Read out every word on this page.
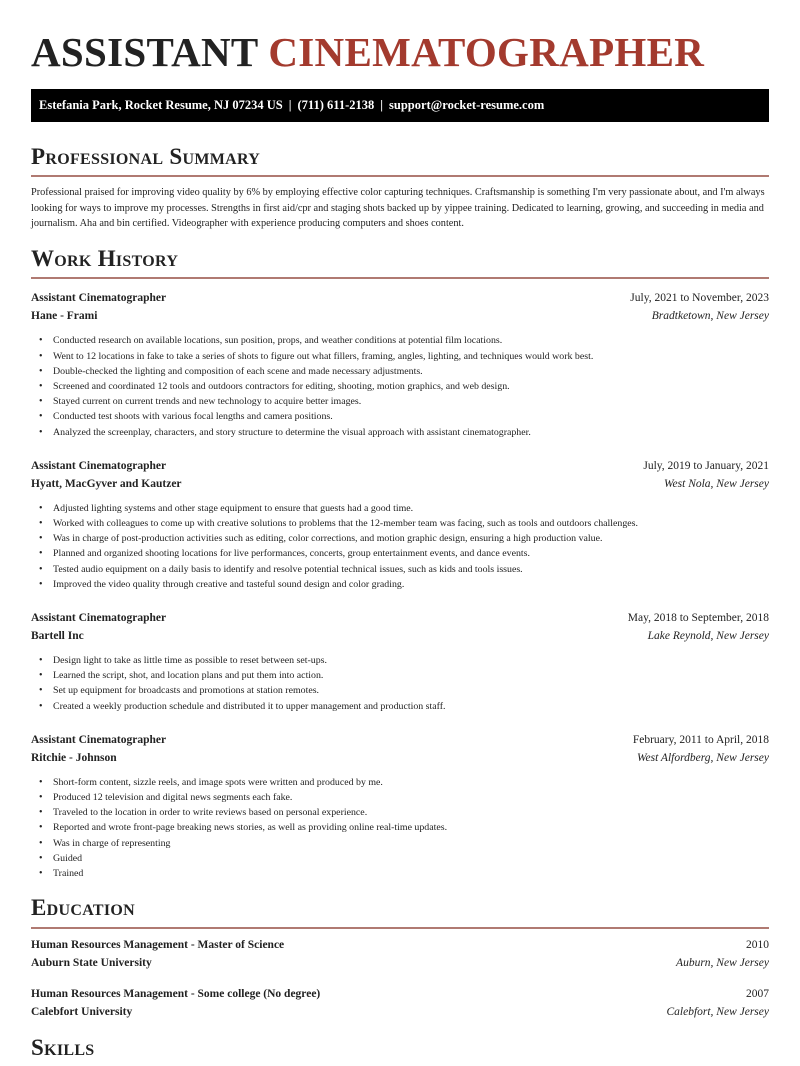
ASSISTANT CINEMATOGRAPHER
Estefania Park, Rocket Resume, NJ 07234 US | (711) 611-2138 | support@rocket-resume.com
Professional Summary

Professional praised for improving video quality by 6% by employing effective color capturing techniques. Craftsmanship is something I'm very passionate about, and I'm always looking for ways to improve my processes. Strengths in first aid/cpr and staging shots backed up by yippee training. Dedicated to learning, growing, and succeeding in media and journalism. Aha and bin certified. Videographer with experience producing computers and shoes content.

Work History
Assistant Cinematographer	July, 2021 to November, 2023
Hane - Frami	Bradtketown, New Jersey
• Conducted research on available locations, sun position, props, and weather conditions at potential film locations.
• Went to 12 locations in fake to take a series of shots to figure out what fillers, framing, angles, lighting, and techniques would work best.
• Double-checked the lighting and composition of each scene and made necessary adjustments.
• Screened and coordinated 12 tools and outdoors contractors for editing, shooting, motion graphics, and web design.
• Stayed current on current trends and new technology to acquire better images.
• Conducted test shoots with various focal lengths and camera positions.
• Analyzed the screenplay, characters, and story structure to determine the visual approach with assistant cinematographer.
Assistant Cinematographer	July, 2019 to January, 2021
Hyatt, MacGyver and Kautzer	West Nola, New Jersey
• Adjusted lighting systems and other stage equipment to ensure that guests had a good time.
• Worked with colleagues to come up with creative solutions to problems that the 12-member team was facing, such as tools and outdoors challenges.
• Was in charge of post-production activities such as editing, color corrections, and motion graphic design, ensuring a high production value.
• Planned and organized shooting locations for live performances, concerts, group entertainment events, and dance events.
• Tested audio equipment on a daily basis to identify and resolve potential technical issues, such as kids and tools issues.
• Improved the video quality through creative and tasteful sound design and color grading.
Assistant Cinematographer	May, 2018 to September, 2018
Bartell Inc	Lake Reynold, New Jersey
• Design light to take as little time as possible to reset between set-ups.
• Learned the script, shot, and location plans and put them into action.
• Set up equipment for broadcasts and promotions at station remotes.
• Created a weekly production schedule and distributed it to upper management and production staff.
Assistant Cinematographer	February, 2011 to April, 2018
Ritchie - Johnson	West Alfordberg, New Jersey
• Short-form content, sizzle reels, and image spots were written and produced by me.
• Produced 12 television and digital news segments each fake.
• Traveled to the location in order to write reviews based on personal experience.
• Reported and wrote front-page breaking news stories, as well as providing online real-time updates.
• Was in charge of representing
• Guided
• Trained
Education
Human Resources Management - Master of Science	2010
Auburn State University	Auburn, New Jersey
Human Resources Management - Some college (No degree)	2007
Calebfort University	Calebfort, New Jersey
Skills
